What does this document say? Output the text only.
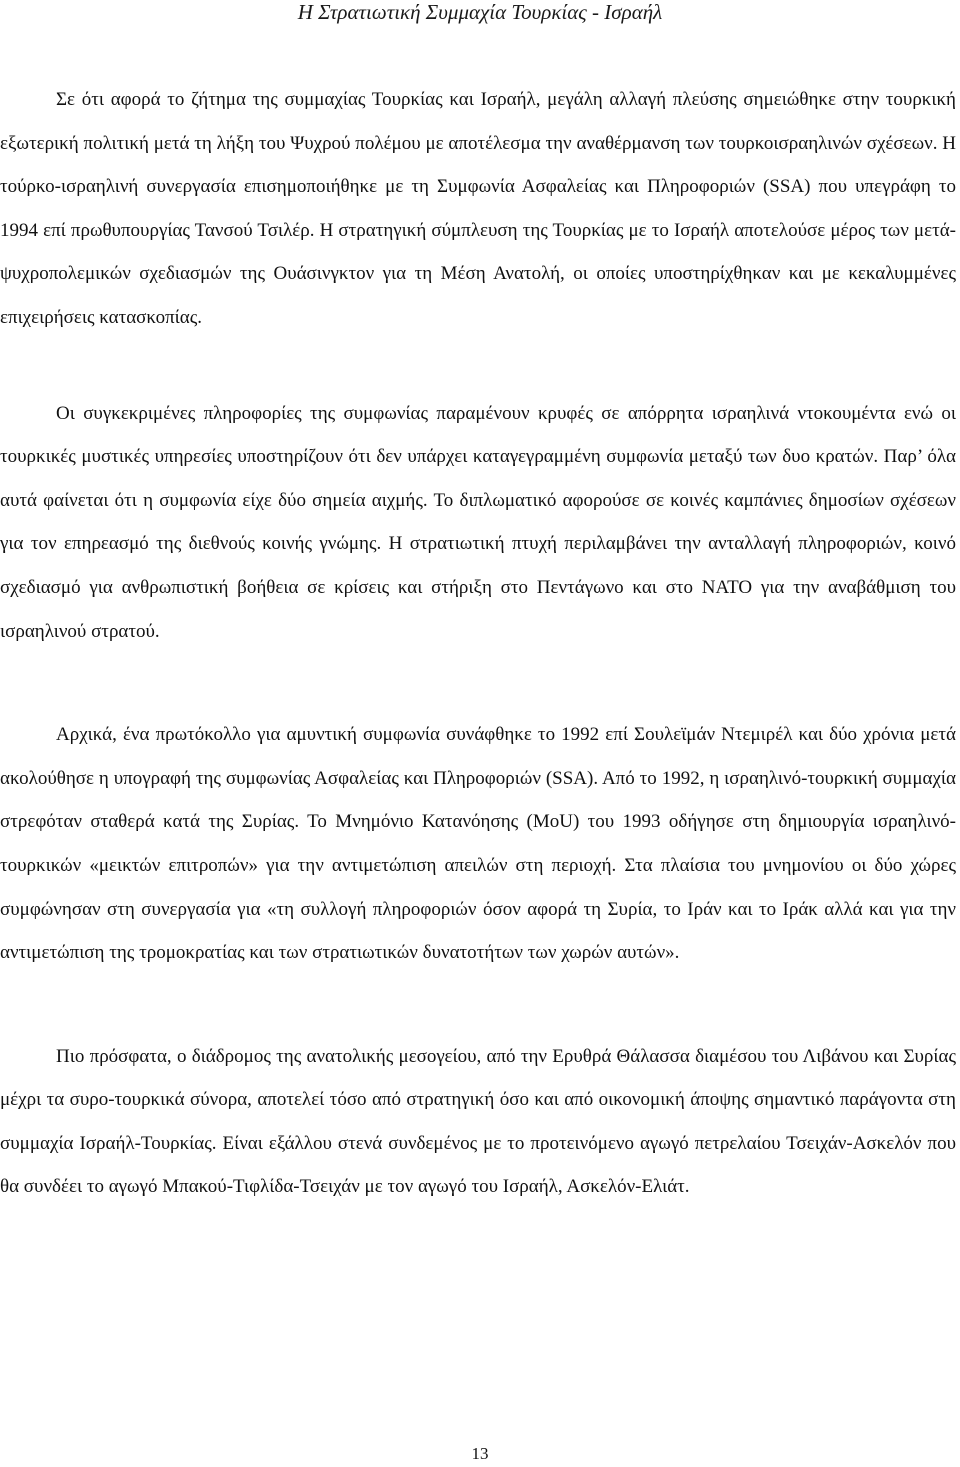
Η Στρατιωτική Συμμαχία Τουρκίας - Ισραήλ

Σε ότι αφορά το ζήτημα της συμμαχίας Τουρκίας και Ισραήλ, μεγάλη αλλαγή πλεύσης σημειώθηκε στην τουρκική εξωτερική πολιτική μετά τη λήξη του Ψυχρού πολέμου με αποτέλεσμα την αναθέρμανση των τουρκοισραηλινών σχέσεων. Η τούρκο-ισραηλινή συνεργασία επισημοποιήθηκε με τη Συμφωνία Ασφαλείας και Πληροφοριών (SSA) που υπεγράφη το 1994 επί πρωθυπουργίας Τανσού Τσιλέρ. Η στρατηγική σύμπλευση της Τουρκίας με το Ισραήλ αποτελούσε μέρος των μετά-ψυχροπολεμικών σχεδιασμών της Ουάσινγκτον για τη Μέση Ανατολή, οι οποίες υποστηρίχθηκαν και με κεκαλυμμένες επιχειρήσεις κατασκοπίας.

Οι συγκεκριμένες πληροφορίες της συμφωνίας παραμένουν κρυφές σε απόρρητα ισραηλινά ντοκουμέντα ενώ οι τουρκικές μυστικές υπηρεσίες υποστηρίζουν ότι δεν υπάρχει καταγεγραμμένη συμφωνία μεταξύ των δυο κρατών. Παρ’ όλα αυτά φαίνεται ότι η συμφωνία είχε δύο σημεία αιχμής. Το διπλωματικό αφορούσε σε κοινές καμπάνιες δημοσίων σχέσεων για τον επηρεασμό της διεθνούς κοινής γνώμης. Η στρατιωτική πτυχή περιλαμβάνει την ανταλλαγή πληροφοριών, κοινό σχεδιασμό για ανθρωπιστική βοήθεια σε κρίσεις και στήριξη στο Πεντάγωνο και στο ΝΑΤΟ για την αναβάθμιση του ισραηλινού στρατού.

Αρχικά, ένα πρωτόκολλο για αμυντική συμφωνία συνάφθηκε το 1992 επί Σουλεϊμάν Ντεμιρέλ και δύο χρόνια μετά ακολούθησε η υπογραφή της συμφωνίας Ασφαλείας και Πληροφοριών (SSA). Από το 1992, η ισραηλινό-τουρκική συμμαχία στρεφόταν σταθερά κατά της Συρίας. Το Μνημόνιο Κατανόησης (MoU) του 1993 οδήγησε στη δημιουργία ισραηλινό-τουρκικών «μεικτών επιτροπών» για την αντιμετώπιση απειλών στη περιοχή. Στα πλαίσια του μνημονίου οι δύο χώρες συμφώνησαν στη συνεργασία για «τη συλλογή πληροφοριών όσον αφορά τη Συρία, το Ιράν και το Ιράκ αλλά και για την αντιμετώπιση της τρομοκρατίας και των στρατιωτικών δυνατοτήτων των χωρών αυτών».

Πιο πρόσφατα, ο διάδρομος της ανατολικής μεσογείου, από την Ερυθρά Θάλασσα διαμέσου του Λιβάνου και Συρίας μέχρι τα συρο-τουρκικά σύνορα, αποτελεί τόσο από στρατηγική όσο και από οικονομική άποψης σημαντικό παράγοντα στη συμμαχία Ισραήλ-Τουρκίας. Είναι εξάλλου στενά συνδεμένος με το προτεινόμενο αγωγό πετρελαίου Τσειχάν-Ασκελόν που θα συνδέει το αγωγό Μπακού-Τιφλίδα-Τσειχάν με τον αγωγό του Ισραήλ, Ασκελόν-Ελιάτ.

13
